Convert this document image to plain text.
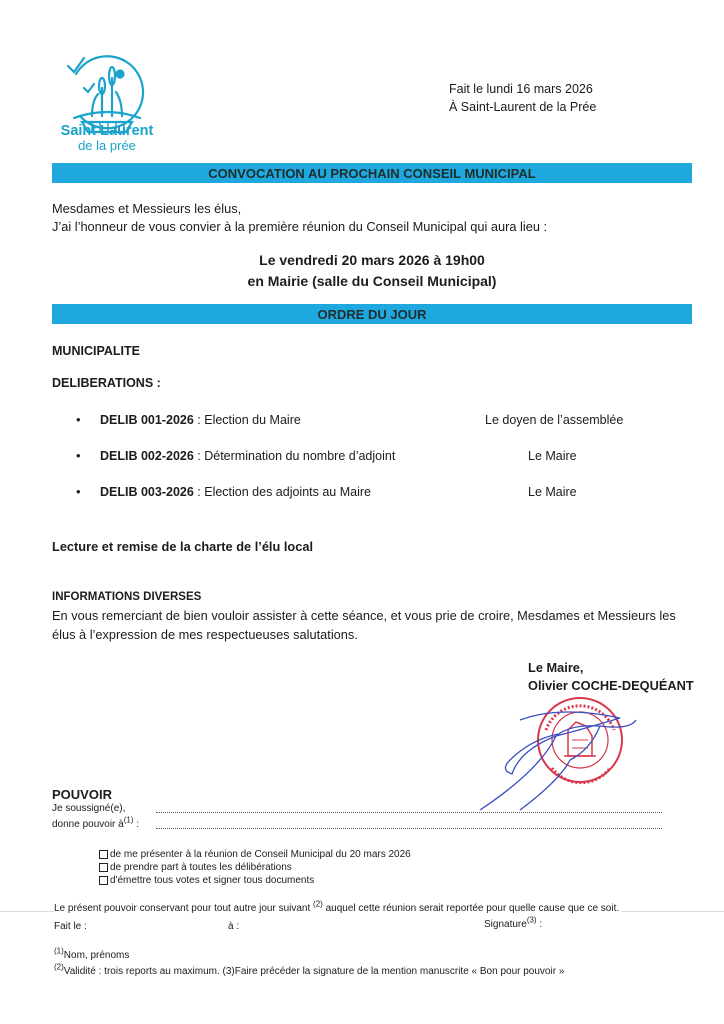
Saint Laurent
de la prée
Fait le lundi 16 mars 2026
À Saint-Laurent de la Prée
CONVOCATION AU PROCHAIN CONSEIL MUNICIPAL
Mesdames et Messieurs les élus,
J’ai l’honneur de vous convier à la première réunion du Conseil Municipal qui aura lieu :
Le vendredi 20 mars 2026 à 19h00
en Mairie (salle du Conseil Municipal)
ORDRE DU JOUR
MUNICIPALITE
DELIBERATIONS :
• DELIB 001-2026 : Election du Maire	Le doyen de l’assemblée
• DELIB 002-2026 : Détermination du nombre d’adjoint	Le Maire
• DELIB 003-2026 : Election des adjoints au Maire	Le Maire
Lecture et remise de la charte de l’élu local
INFORMATIONS DIVERSES
En vous remerciant de bien vouloir assister à cette séance, et vous prie de croire, Mesdames et Messieurs les élus à l’expression de mes respectueuses salutations.
Le Maire,
Olivier COCHE-DEQUÉANT
POUVOIR
Je soussigné(e),
donne pouvoir $à^{(1)}$ :
de me présenter à la réunion de Conseil Municipal du 20 mars 2026
de prendre part à toutes les délibérations
d'émettre tous votes et signer tous documents
Le présent pouvoir conservant pour tout autre jour suivant $^{(2)}$ auquel cette réunion serait reportée pour quelle cause que ce soit.
Fait le :	à :	Signature$^{(3)}$ :
$^{(1)}$Nom, prénoms
$^{(2)}$Validité : trois reports au maximum. (3)Faire précéder la signature de la mention manuscrite « Bon pour pouvoir »
